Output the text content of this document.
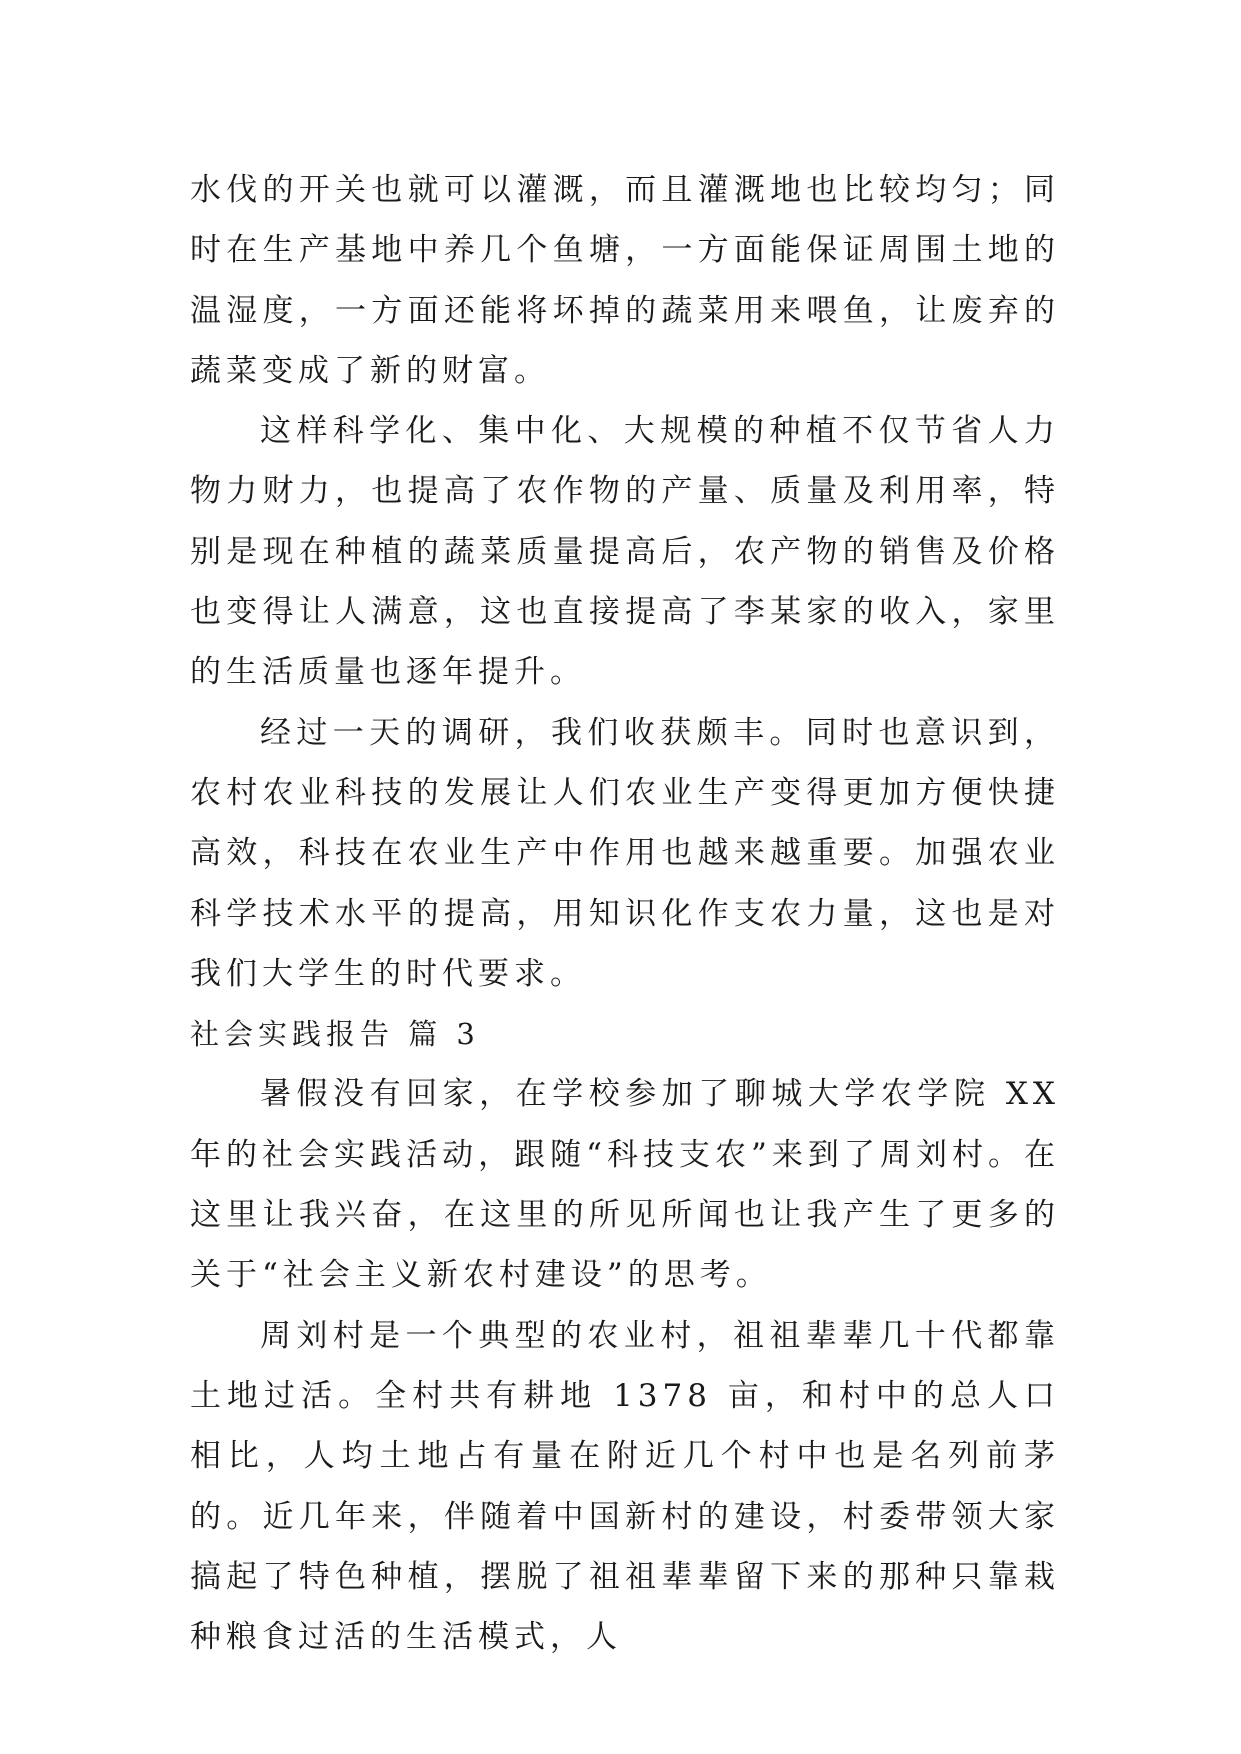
水伐的开关也就可以灌溉，而且灌溉地也比较均匀；同时在生产基地中养几个鱼塘，一方面能保证周围土地的温湿度，一方面还能将坏掉的蔬菜用来喂鱼，让废弃的蔬菜变成了新的财富。

这样科学化、集中化、大规模的种植不仅节省人力物力财力，也提高了农作物的产量、质量及利用率，特别是现在种植的蔬菜质量提高后，农产物的销售及价格也变得让人满意，这也直接提高了李某家的收入，家里的生活质量也逐年提升。

经过一天的调研，我们收获颇丰。同时也意识到，农村农业科技的发展让人们农业生产变得更加方便快捷高效，科技在农业生产中作用也越来越重要。加强农业科学技术水平的提高，用知识化作支农力量，这也是对我们大学生的时代要求。

社会实践报告 篇 3

暑假没有回家，在学校参加了聊城大学农学院 XX 年的社会实践活动，跟随“科技支农”来到了周刘村。在这里让我兴奋，在这里的所见所闻也让我产生了更多的关于“社会主义新农村建设”的思考。

周刘村是一个典型的农业村，祖祖辈辈几十代都靠土地过活。全村共有耕地 1378 亩，和村中的总人口相比，人均土地占有量在附近几个村中也是名列前茅的。近几年来，伴随着中国新村的建设，村委带领大家搞起了特色种植，摆脱了祖祖辈辈留下来的那种只靠栽种粮食过活的生活模式，人
